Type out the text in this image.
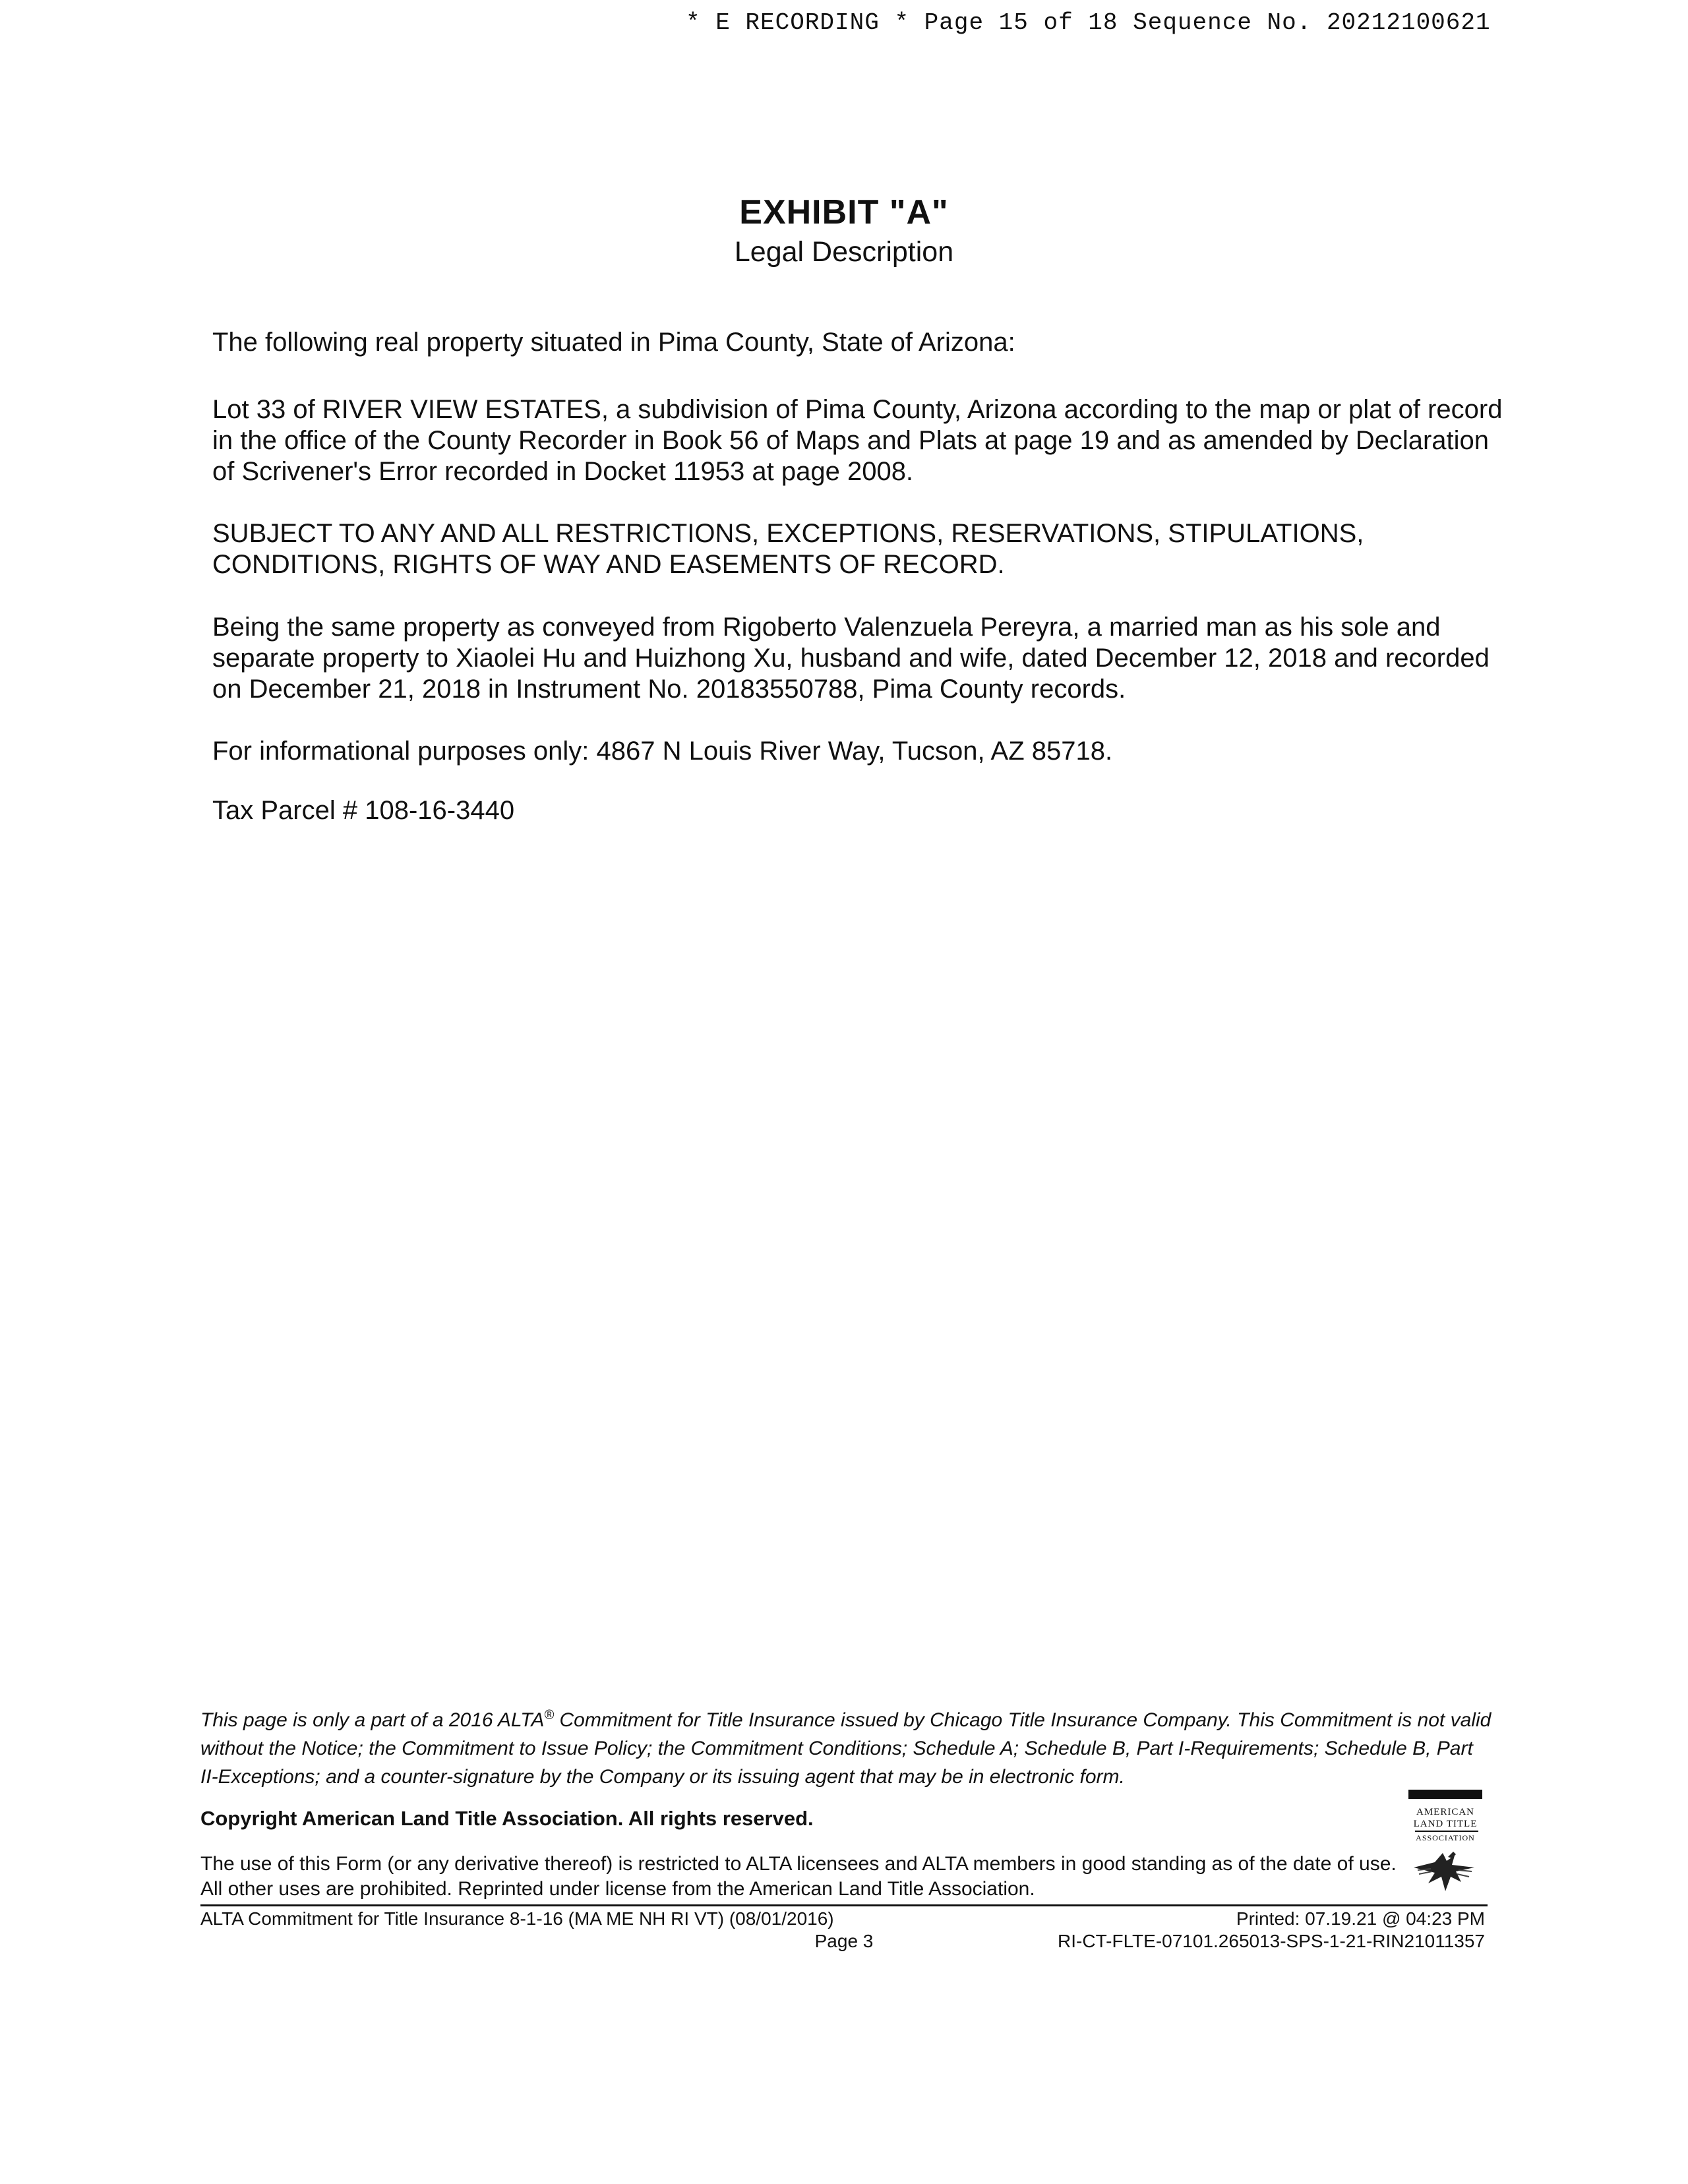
* E RECORDING * Page 15 of 18 Sequence No. 20212100621
EXHIBIT "A"
Legal Description
The following real property situated in Pima County, State of Arizona:
Lot 33 of RIVER VIEW ESTATES, a subdivision of Pima County, Arizona according to the map or plat of record in the office of the County Recorder in Book 56 of Maps and Plats at page 19 and as amended by Declaration of Scrivener's Error recorded in Docket 11953 at page 2008.
SUBJECT TO ANY AND ALL RESTRICTIONS, EXCEPTIONS, RESERVATIONS, STIPULATIONS, CONDITIONS, RIGHTS OF WAY AND EASEMENTS OF RECORD.
Being the same property as conveyed from Rigoberto Valenzuela Pereyra, a married man as his sole and separate property to Xiaolei Hu and Huizhong Xu, husband and wife, dated December 12, 2018 and recorded on December 21, 2018 in Instrument No. 20183550788, Pima County records.
For informational purposes only: 4867 N Louis River Way, Tucson, AZ 85718.
Tax Parcel # 108-16-3440
This page is only a part of a 2016 ALTA® Commitment for Title Insurance issued by Chicago Title Insurance Company. This Commitment is not valid without the Notice; the Commitment to Issue Policy; the Commitment Conditions; Schedule A; Schedule B, Part I-Requirements; Schedule B, Part II-Exceptions; and a counter-signature by the Company or its issuing agent that may be in electronic form.
Copyright American Land Title Association. All rights reserved.
The use of this Form (or any derivative thereof) is restricted to ALTA licensees and ALTA members in good standing as of the date of use. All other uses are prohibited. Reprinted under license from the American Land Title Association.
AMERICAN
LAND TITLE
ASSOCIATION
ALTA Commitment for Title Insurance 8-1-16 (MA ME NH RI VT) (08/01/2016)	Printed: 07.19.21 @ 04:23 PM
Page 3	RI-CT-FLTE-07101.265013-SPS-1-21-RIN21011357
